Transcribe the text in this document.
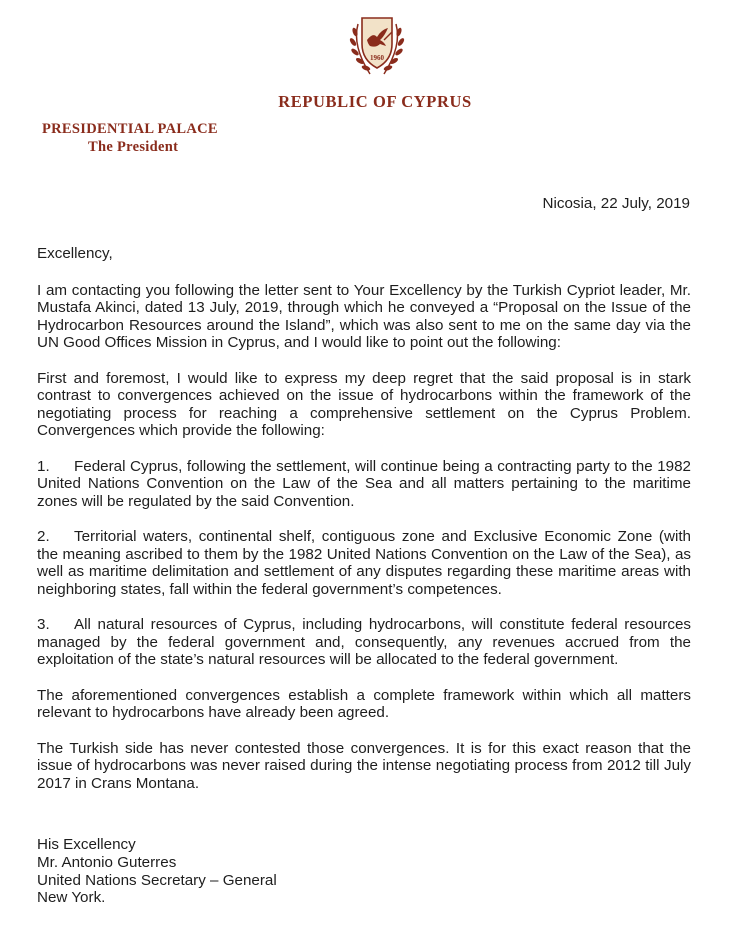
1960
REPUBLIC OF CYPRUS
PRESIDENTIAL PALACE
The President
Nicosia, 22 July, 2019

Excellency,

I am contacting you following the letter sent to Your Excellency by the Turkish Cypriot leader, Mr. Mustafa Akinci, dated 13 July, 2019, through which he conveyed a “Proposal on the Issue of the Hydrocarbon Resources around the Island”, which was also sent to me on the same day via the UN Good Offices Mission in Cyprus, and I would like to point out the following:

First and foremost, I would like to express my deep regret that the said proposal is in stark contrast to convergences achieved on the issue of hydrocarbons within the framework of the negotiating process for reaching a comprehensive settlement on the Cyprus Problem. Convergences which provide the following:

1. Federal Cyprus, following the settlement, will continue being a contracting party to the 1982 United Nations Convention on the Law of the Sea and all matters pertaining to the maritime zones will be regulated by the said Convention.

2. Territorial waters, continental shelf, contiguous zone and Exclusive Economic Zone (with the meaning ascribed to them by the 1982 United Nations Convention on the Law of the Sea), as well as maritime delimitation and settlement of any disputes regarding these maritime areas with neighboring states, fall within the federal government’s competences.

3. All natural resources of Cyprus, including hydrocarbons, will constitute federal resources managed by the federal government and, consequently, any revenues accrued from the exploitation of the state’s natural resources will be allocated to the federal government.

The aforementioned convergences establish a complete framework within which all matters relevant to hydrocarbons have already been agreed.

The Turkish side has never contested those convergences. It is for this exact reason that the issue of hydrocarbons was never raised during the intense negotiating process from 2012 till July 2017 in Crans Montana.

His Excellency
Mr. Antonio Guterres
United Nations Secretary – General
New York.
